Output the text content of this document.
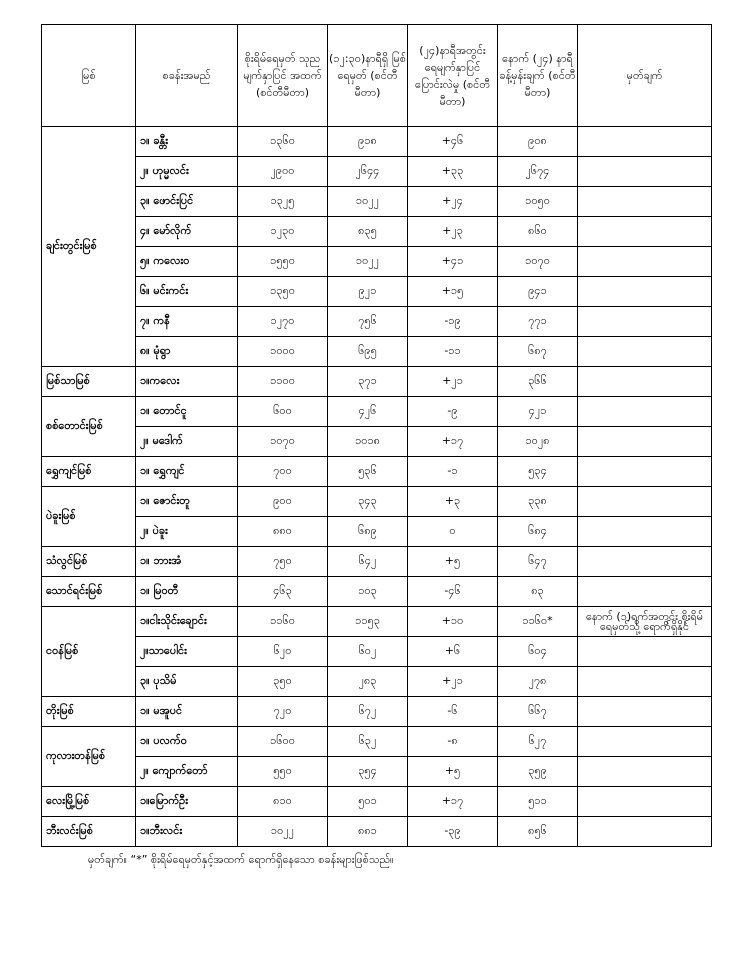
မြစ်	စခန်းအမည်	စိုးရိမ်ရေမှတ် သုညမျက်နှာပြင် အထက် (စင်တီမီတာ)	(၁၂:၃၀)နာရီရှိ မြစ်ရေမှတ် (စင်တီမီတာ)	(၂၄)နာရီအတွင်း ရေမျက်နှာပြင် ပြောင်းလဲမှု (စင်တီမီတာ)	နောက် (၂၄) နာရီ ခန့်မှန်းချက် (စင်တီမီတာ)	မှတ်ချက်
ချင်းတွင်းမြစ်	၁။ ခန္တီး	၁၃၆၀	၉၁၈	+၄၆	၉၀၈	
	၂။ ဟုမ္မလင်း	၂၉၀၀	၂၆၄၄	+၃၃	၂၆၇၄	
	၃။ ဖောင်းပြင်	၁၃၂၅	၁၀၂၂	+၂၄	၁၀၅၀	
	၄။ မော်လိုက်	၁၂၃၀	၈၃၅	+၂၃	၈၆၀	
	၅။ ကလေးဝ	၁၅၅၀	၁၀၂၂	+၄၁	၁၀၇၀	
	၆။ မင်းကင်း	၁၃၅၀	၉၂၁	+၁၅	၉၄၁	
	၇။ ကနီ	၁၂၇၀	၇၅၆	-၁၉	၇၇၁	
	၈။ မုံရွာ	၁၀၀၀	၆၉၅	-၁၁	၆၈၇	
မြစ်သာမြစ်	၁။ကလေး	၁၁၀၀	၃၇၁	+၂၁	၃၆၆	
စစ်တောင်းမြစ်	၁။ တောင်ငူ	၆၀၀	၄၂၆	-၉	၄၂၁	
	၂။ မဒေါက်	၁၀၇၀	၁၀၁၈	+၁၇	၁၀၂၈	
ရွှေကျင်မြစ်	၁။ ရွှေကျင်	၇၀၀	၅၃၆	-၁	၅၃၄	
ပဲခူးမြစ်	၁။ ဇောင်းတူ	၉၀၀	၃၄၃	+၃	၃၃၈	
	၂။ ပဲခူး	၈၈၀	၆၈၉	၀	၆၈၄	
သံလွင်မြစ်	၁။ ဘားအံ	၇၅၀	၆၄၂	+၅	၆၄၇	
သောင်ရင်းမြစ်	၁။ မြဝတီ	၄၆၃	၁၀၃	-၄၆	၈၃	
ငဝန်မြစ်	၁။ငါးသိုင်းချောင်း	၁၁၆၀	၁၁၅၃	+၁၀	၁၁၆၀*	နောက် (၁)ရက်အတွင်း စိုးရိမ်ရေမှတ်သို့ ရောက်ရှိနိုင်
	၂။သာပေါင်း	၆၂၀	၆၀၂	+၆	၆၀၄	
	၃။ ပုသိမ်	၃၅၀	၂၈၃	+၂၁	၂၇၈	
တိုးမြစ်	၁။ မအူပင်	၇၂၀	၆၇၂	-၆	၆၆၇	
ကုလားတန်မြစ်	၁။ ပလက်ဝ	၁၆၀၀	၆၃၂	-၈	၆၂၇	
	၂။ ကျောက်တော်	၅၅၀	၃၅၄	+၅	၃၅၉	
လေးမြို့မြစ်	၁။မြောက်ဦး	၈၁၀	၅၀၁	+၁၇	၅၁၁	
ဘီးလင်းမြစ်	၁။ဘီးလင်း	၁၀၂၂	၈၈၁	-၃၉	၈၅၆	
မှတ်ချက်။ “*” စိုးရိမ်ရေမှတ်နှင့်အထက် ရောက်ရှိနေသော စခန်းများဖြစ်သည်။
